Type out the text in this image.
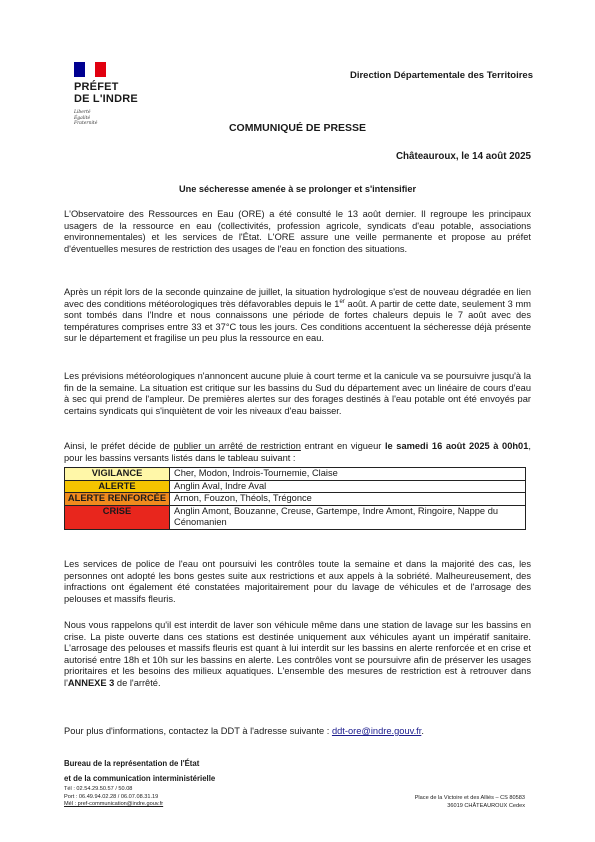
PRÉFET
DE L'INDRE
Liberté
Égalité
Fraternité
Direction Départementale des Territoires
COMMUNIQUÉ DE PRESSE
Châteauroux, le 14 août 2025
Une sécheresse amenée à se prolonger et s'intensifier
L'Observatoire des Ressources en Eau (ORE) a été consulté le 13 août dernier. Il regroupe les principaux usagers de la ressource en eau (collectivités, profession agricole, syndicats d'eau potable, associations environnementales) et les services de l'État. L'ORE assure une veille permanente et propose au préfet d'éventuelles mesures de restriction des usages de l'eau en fonction des situations.
Après un répit lors de la seconde quinzaine de juillet, la situation hydrologique s'est de nouveau dégradée en lien avec des conditions météorologiques très défavorables depuis le 1er août. A partir de cette date, seulement 3 mm sont tombés dans l'Indre et nous connaissons une période de fortes chaleurs depuis le 7 août avec des températures comprises entre 33 et 37°C tous les jours. Ces conditions accentuent la sécheresse déjà présente sur le département et fragilise un peu plus la ressource en eau.
Les prévisions météorologiques n'annoncent aucune pluie à court terme et la canicule va se poursuivre jusqu'à la fin de la semaine. La situation est critique sur les bassins du Sud du département avec un linéaire de cours d'eau à sec qui prend de l'ampleur. De premières alertes sur des forages destinés à l'eau potable ont été envoyés par certains syndicats qui s'inquiètent de voir les niveaux d'eau baisser.
Ainsi, le préfet décide de publier un arrêté de restriction entrant en vigueur le samedi 16 août 2025 à 00h01, pour les bassins versants listés dans le tableau suivant :
VIGILANCE	Cher, Modon, Indrois-Tournemie, Claise
ALERTE	Anglin Aval, Indre Aval
ALERTE RENFORCÉE	Arnon, Fouzon, Théols, Trégonce
CRISE	Anglin Amont, Bouzanne, Creuse, Gartempe, Indre Amont, Ringoire, Nappe du Cénomanien
Les services de police de l'eau ont poursuivi les contrôles toute la semaine et dans la majorité des cas, les personnes ont adopté les bons gestes suite aux restrictions et aux appels à la sobriété. Malheureusement, des infractions ont également été constatées majoritairement pour du lavage de véhicules et de l'arrosage des pelouses et massifs fleuris.
Nous vous rappelons qu'il est interdit de laver son véhicule même dans une station de lavage sur les bassins en crise. La piste ouverte dans ces stations est destinée uniquement aux véhicules ayant un impératif sanitaire. L'arrosage des pelouses et massifs fleuris est quant à lui interdit sur les bassins en alerte renforcée et en crise et autorisé entre 18h et 10h sur les bassins en alerte. Les contrôles vont se poursuivre afin de préserver les usages prioritaires et les besoins des milieux aquatiques. L'ensemble des mesures de restriction est à retrouver dans l'ANNEXE 3 de l'arrêté.
Pour plus d'informations, contactez la DDT à l'adresse suivante : ddt-ore@indre.gouv.fr.
Bureau de la représentation de l'État
et de la communication interministérielle
Tél : 02.54.29.50.57 / 50.08
Port : 06.49.94.02.28 / 06.07.08.31.19
Mél : pref-communication@indre.gouv.fr
Place de la Victoire et des Alliés – CS 80583
36019 CHÂTEAUROUX Cedex
